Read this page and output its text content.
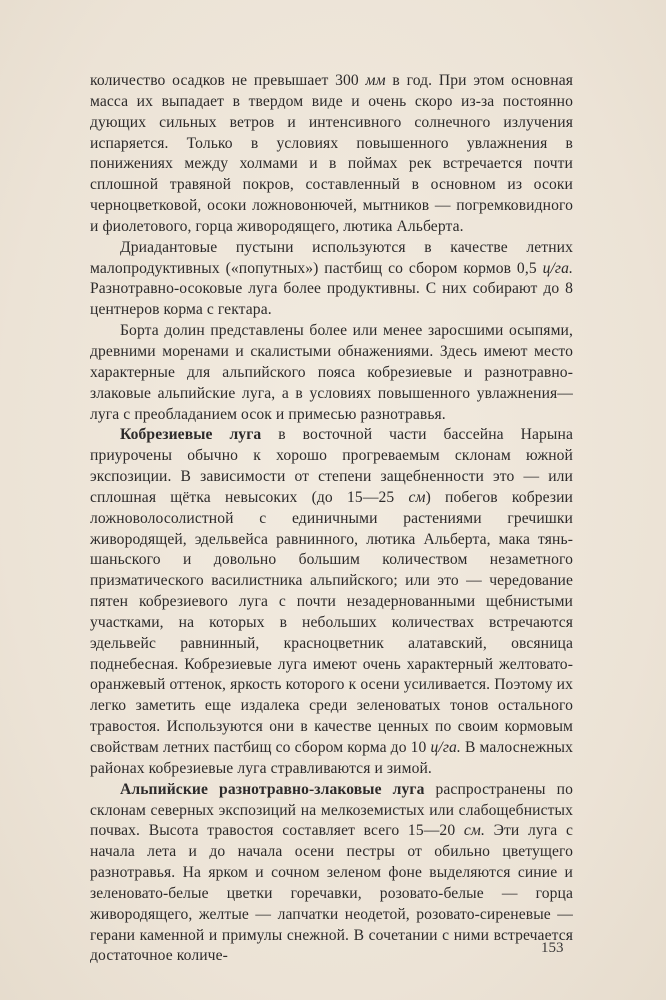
количество осадков не превышает 300 мм в год. При этом основная масса их выпадает в твердом виде и очень скоро из-за постоянно дующих сильных ветров и интенсивного солнечного излучения испаряется. Только в условиях повышенного увлажнения в понижениях между холмами и в поймах рек встречается почти сплошной травяной покров, составленный в основном из осоки черноцветковой, осоки ложновонючей, мытников — погремковидного и фиолетового, горца живородящего, лютика Альберта.

Дриадантовые пустыни используются в качестве летних малопродуктивных («попутных») пастбищ со сбором кормов 0,5 ц/га. Разнотравно-осоковые луга более продуктивны. С них собирают до 8 центнеров корма с гектара.

Борта долин представлены более или менее заросшими осыпями, древними моренами и скалистыми обнажениями. Здесь имеют место характерные для альпийского пояса кобрезиевые и разнотравно-злаковые альпийские луга, а в условиях повышенного увлажнения—луга с преобладанием осок и примесью разнотравья.

Кобрезиевые луга в восточной части бассейна Нарына приурочены обычно к хорошо прогреваемым склонам южной экспозиции. В зависимости от степени защебненности это — или сплошная щётка невысоких (до 15—25 см) побегов кобрезии ложноволосолистной с единичными растениями гречишки живородящей, эдельвейса равнинного, лютика Альберта, мака тянь-шаньского и довольно большим количеством незаметного призматического василистника альпийского; или это — чередование пятен кобрезиевого луга с почти незадернованными щебнистыми участками, на которых в небольших количествах встречаются эдельвейс равнинный, красноцветник алатавский, овсяница поднебесная. Кобрезиевые луга имеют очень характерный желтовато-оранжевый оттенок, яркость которого к осени усиливается. Поэтому их легко заметить еще издалека среди зеленоватых тонов остального травостоя. Используются они в качестве ценных по своим кормовым свойствам летних пастбищ со сбором корма до 10 ц/га. В малоснежных районах кобрезиевые луга стравливаются и зимой.

Альпийские разнотравно-злаковые луга распространены по склонам северных экспозиций на мелкоземистых или слабощебнистых почвах. Высота травостоя составляет всего 15—20 см. Эти луга с начала лета и до начала осени пестры от обильно цветущего разнотравья. На ярком и сочном зеленом фоне выделяются синие и зеленовато-белые цветки горечавки, розовато-белые — горца живородящего, желтые — лапчатки неодетой, розовато-сиреневые — герани каменной и примулы снежной. В сочетании с ними встречается достаточное количе-	153
